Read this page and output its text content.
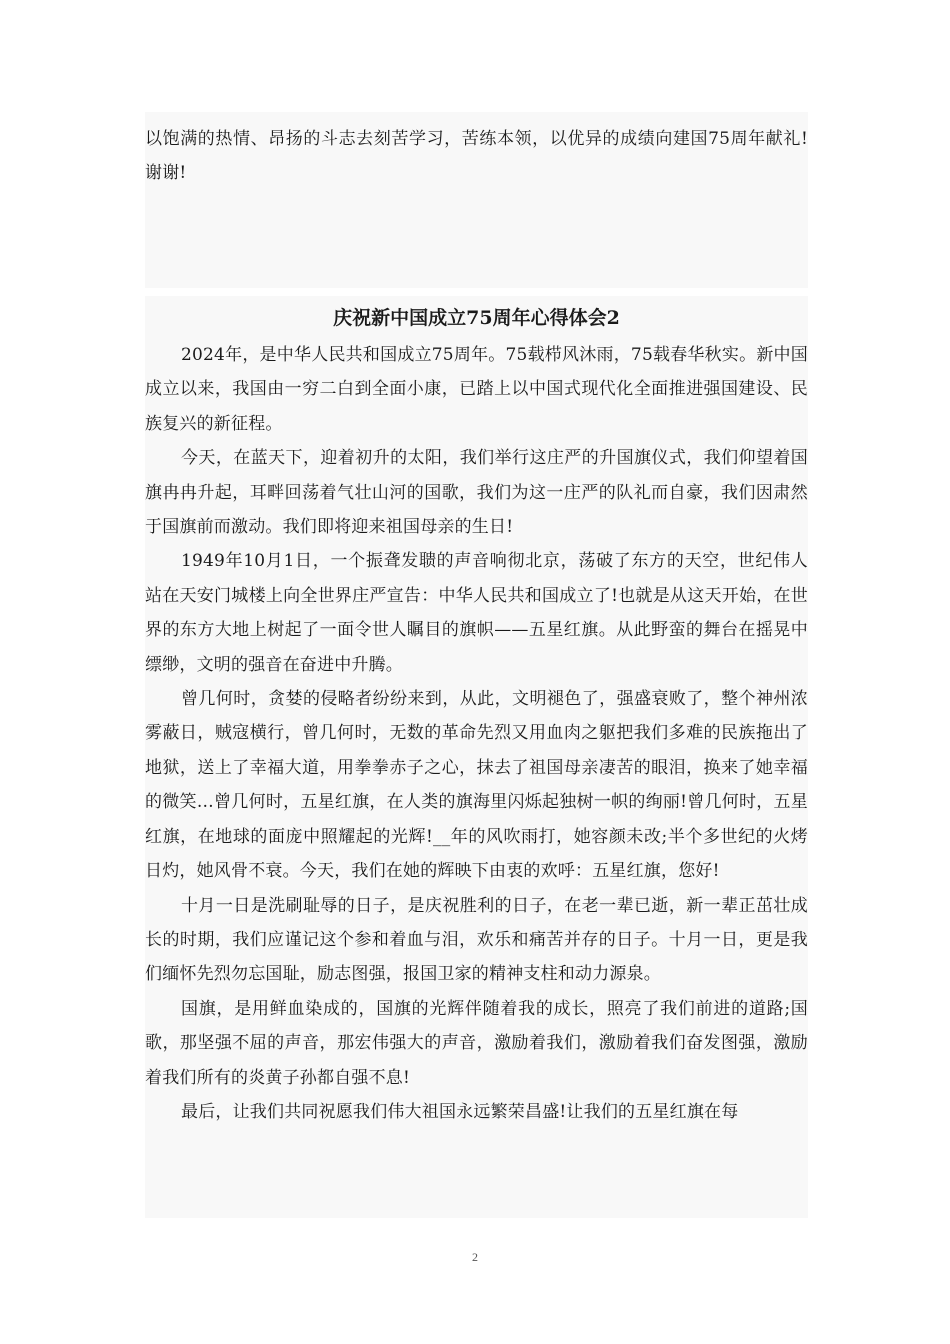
以饱满的热情、昂扬的斗志去刻苦学习，苦练本领，以优异的成绩向建国75周年献礼!谢谢!

庆祝新中国成立75周年心得体会2

2024年，是中华人民共和国成立75周年。75载栉风沐雨，75载春华秋实。新中国成立以来，我国由一穷二白到全面小康，已踏上以中国式现代化全面推进强国建设、民族复兴的新征程。

今天，在蓝天下，迎着初升的太阳，我们举行这庄严的升国旗仪式，我们仰望着国旗冉冉升起，耳畔回荡着气壮山河的国歌，我们为这一庄严的队礼而自豪，我们因肃然于国旗前而激动。我们即将迎来祖国母亲的生日!

1949年10月1日，一个振聋发聩的声音响彻北京，荡破了东方的天空，世纪伟人站在天安门城楼上向全世界庄严宣告：中华人民共和国成立了!也就是从这天开始，在世界的东方大地上树起了一面令世人瞩目的旗帜——五星红旗。从此野蛮的舞台在摇晃中缥缈，文明的强音在奋进中升腾。

曾几何时，贪婪的侵略者纷纷来到，从此，文明褪色了，强盛衰败了，整个神州浓雾蔽日，贼寇横行，曾几何时，无数的革命先烈又用血肉之躯把我们多难的民族拖出了地狱，送上了幸福大道，用拳拳赤子之心，抹去了祖国母亲凄苦的眼泪，换来了她幸福的微笑…曾几何时，五星红旗，在人类的旗海里闪烁起独树一帜的绚丽!曾几何时，五星红旗，在地球的面庞中照耀起的光辉!__年的风吹雨打，她容颜未改;半个多世纪的火烤日灼，她风骨不衰。今天，我们在她的辉映下由衷的欢呼：五星红旗，您好!

十月一日是洗刷耻辱的日子，是庆祝胜利的日子，在老一辈已逝，新一辈正茁壮成长的时期，我们应谨记这个参和着血与泪，欢乐和痛苦并存的日子。十月一日，更是我们缅怀先烈勿忘国耻，励志图强，报国卫家的精神支柱和动力源泉。

国旗，是用鲜血染成的，国旗的光辉伴随着我的成长，照亮了我们前进的道路;国歌，那坚强不屈的声音，那宏伟强大的声音，激励着我们，激励着我们奋发图强，激励着我们所有的炎黄子孙都自强不息!

最后，让我们共同祝愿我们伟大祖国永远繁荣昌盛!让我们的五星红旗在每

2
